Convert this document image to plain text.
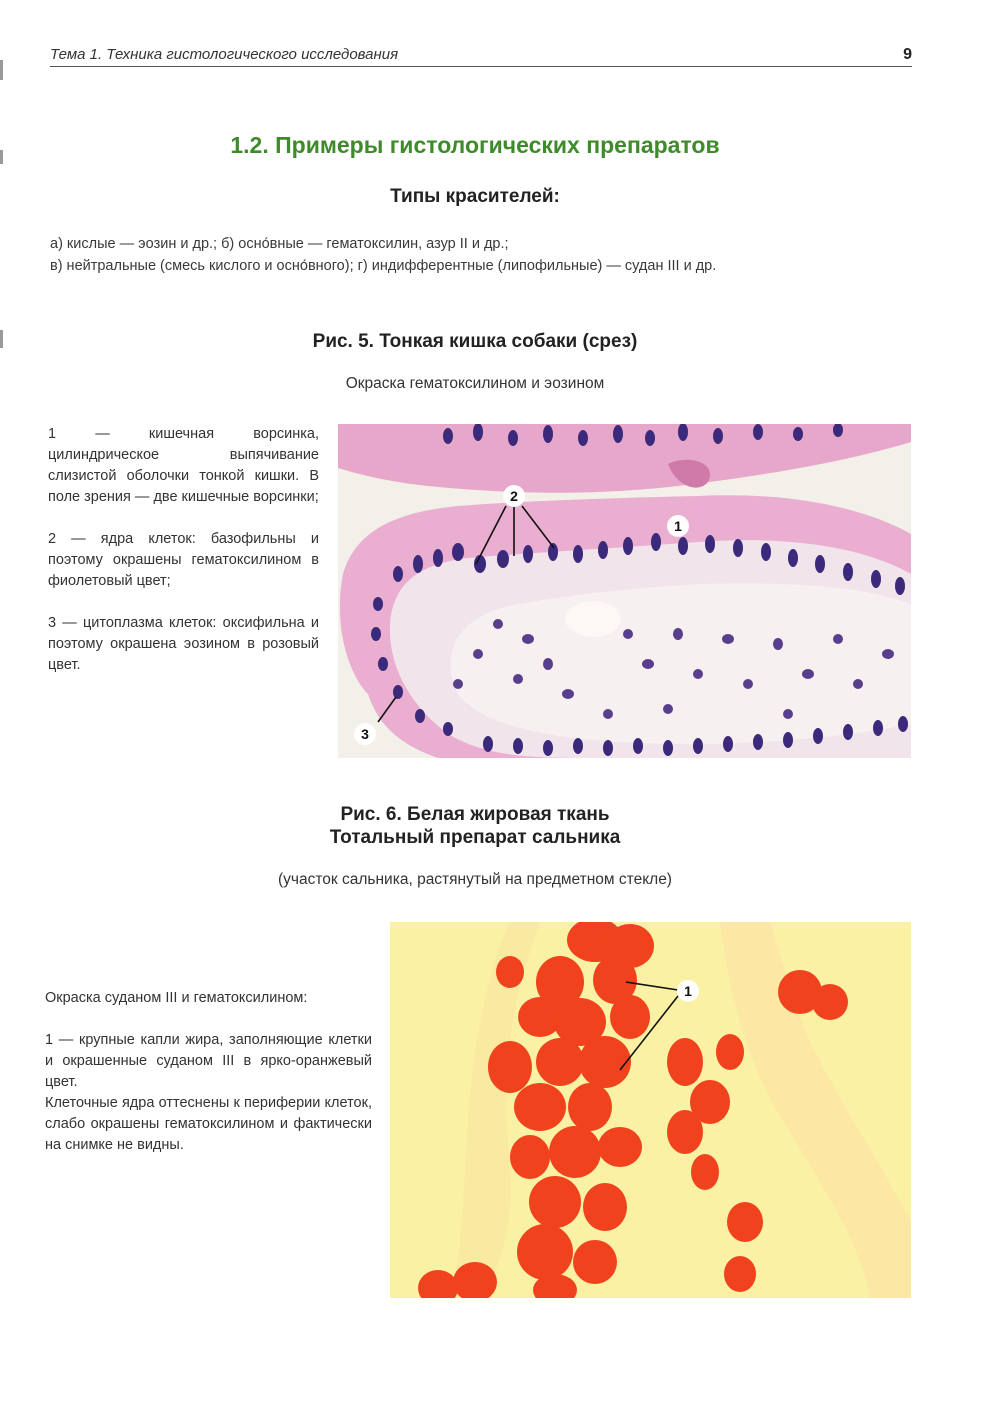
Тема 1. Техника гистологического исследования	9
1.2. Примеры гистологических препаратов
Типы красителей:
а) кислые — эозин и др.; б) осно́вные — гематоксилин, азур II и др.;
в) нейтральные (смесь кислого и осно́вного); г) индифферентные (липофильные) — судан III и др.
Рис. 5. Тонкая кишка собаки (срез)
Окраска гематоксилином и эозином

1 — кишечная ворсинка, цилиндрическое выпячивание слизистой оболочки тонкой кишки. В поле зрения — две кишечные ворсинки;

2 — ядра клеток: базофильны и поэтому окрашены гематоксилином в фиолетовый цвет;

3 — цитоплазма клеток: оксифильна и поэтому окрашена эозином в розовый цвет.

2
1
3
Рис. 6. Белая жировая ткань
Тотальный препарат сальника
(участок сальника, растянутый на предметном стекле)

Окраска суданом III и гематоксилином:

1 — крупные капли жира, заполняющие клетки и окрашенные суданом III в ярко-оранжевый цвет.

Клеточные ядра оттеснены к периферии клеток, слабо окрашены гематоксилином и фактически на снимке не видны.

1
